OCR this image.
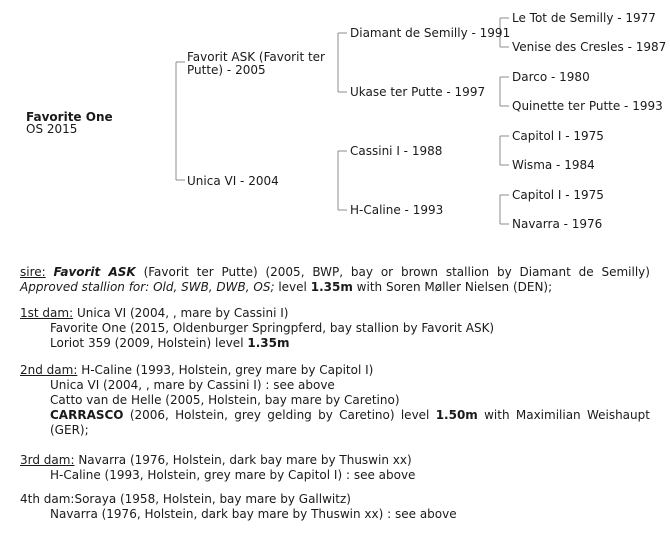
Favorite One
OS 2015
Favorit ASK (Favorit ter
Putte) - 2005
Unica VI - 2004
Diamant de Semilly - 1991
Ukase ter Putte - 1997
Cassini I - 1988
H-Caline - 1993
Le Tot de Semilly - 1977
Venise des Cresles - 1987
Darco - 1980
Quinette ter Putte - 1993
Capitol I - 1975
Wisma - 1984
Capitol I - 1975
Navarra - 1976
sire: Favorit ASK (Favorit ter Putte) (2005, BWP, bay or brown stallion by Diamant de Semilly)
Approved stallion for: Old, SWB, DWB, OS; level 1.35m with Soren Møller Nielsen (DEN);
1st dam: Unica VI (2004, , mare by Cassini I)
Favorite One (2015, Oldenburger Springpferd, bay stallion by Favorit ASK)
Loriot 359 (2009, Holstein) level 1.35m
2nd dam: H-Caline (1993, Holstein, grey mare by Capitol I)
Unica VI (2004, , mare by Cassini I) : see above
Catto van de Helle (2005, Holstein, bay mare by Caretino)
CARRASCO (2006, Holstein, grey gelding by Caretino) level 1.50m with Maximilian Weishaupt
(GER);
3rd dam: Navarra (1976, Holstein, dark bay mare by Thuswin xx)
H-Caline (1993, Holstein, grey mare by Capitol I) : see above
4th dam:Soraya (1958, Holstein, bay mare by Gallwitz)
Navarra (1976, Holstein, dark bay mare by Thuswin xx) : see above
